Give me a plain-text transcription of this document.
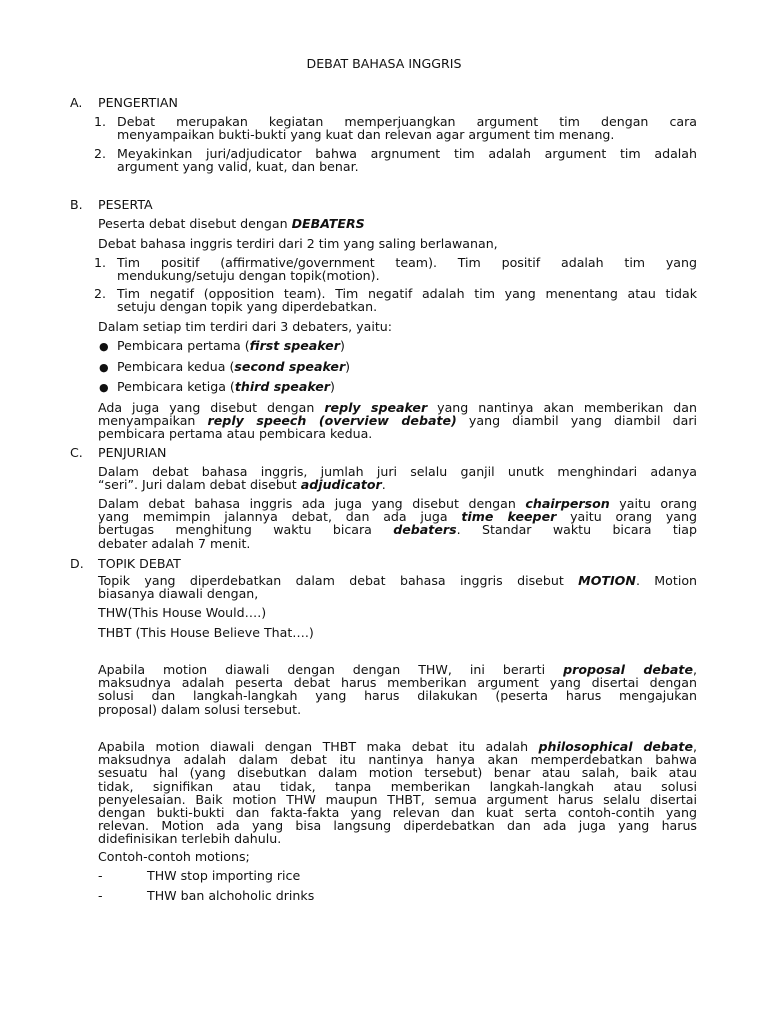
DEBAT BAHASA INGGRIS
A. PENGERTIAN
1. Debat merupakan kegiatan memperjuangkan argument tim dengan cara
menyampaikan bukti-bukti yang kuat dan relevan agar argument tim menang.
2. Meyakinkan juri/adjudicator bahwa argnument tim adalah argument tim adalah
argument yang valid, kuat, dan benar.
B. PESERTA
Peserta debat disebut dengan DEBATERS
Debat bahasa inggris terdiri dari 2 tim yang saling berlawanan,
1. Tim positif (affirmative/government team). Tim positif adalah tim yang
mendukung/setuju dengan topik(motion).
2. Tim negatif (opposition team). Tim negatif adalah tim yang menentang atau tidak
setuju dengan topik yang diperdebatkan.
Dalam setiap tim terdiri dari 3 debaters, yaitu:
● Pembicara pertama (first speaker)
● Pembicara kedua (second speaker)
● Pembicara ketiga (third speaker)
Ada juga yang disebut dengan reply speaker yang nantinya akan memberikan dan
menyampaikan reply speech (overview debate) yang diambil yang diambil dari
pembicara pertama atau pembicara kedua.
C. PENJURIAN
Dalam debat bahasa inggris, jumlah juri selalu ganjil unutk menghindari adanya
“seri”. Juri dalam debat disebut adjudicator.
Dalam debat bahasa inggris ada juga yang disebut dengan chairperson yaitu orang
yang memimpin jalannya debat, dan ada juga time keeper yaitu orang yang
bertugas menghitung waktu bicara debaters. Standar waktu bicara tiap
debater adalah 7 menit.
D. TOPIK DEBAT
Topik yang diperdebatkan dalam debat bahasa inggris disebut MOTION. Motion
biasanya diawali dengan,
THW(This House Would….)
THBT (This House Believe That….)
Apabila motion diawali dengan dengan THW, ini berarti proposal debate,
maksudnya adalah peserta debat harus memberikan argument yang disertai dengan
solusi dan langkah-langkah yang harus dilakukan (peserta harus mengajukan
proposal) dalam solusi tersebut.
Apabila motion diawali dengan THBT maka debat itu adalah philosophical debate,
maksudnya adalah dalam debat itu nantinya hanya akan memperdebatkan bahwa
sesuatu hal (yang disebutkan dalam motion tersebut) benar atau salah, baik atau
tidak, signifikan atau tidak, tanpa memberikan langkah-langkah atau solusi
penyelesaian. Baik motion THW maupun THBT, semua argument harus selalu disertai
dengan bukti-bukti dan fakta-fakta yang relevan dan kuat serta contoh-contih yang
relevan. Motion ada yang bisa langsung diperdebatkan dan ada juga yang harus
didefinisikan terlebih dahulu.
Contoh-contoh motions;
-	THW stop importing rice
-	THW ban alchoholic drinks
